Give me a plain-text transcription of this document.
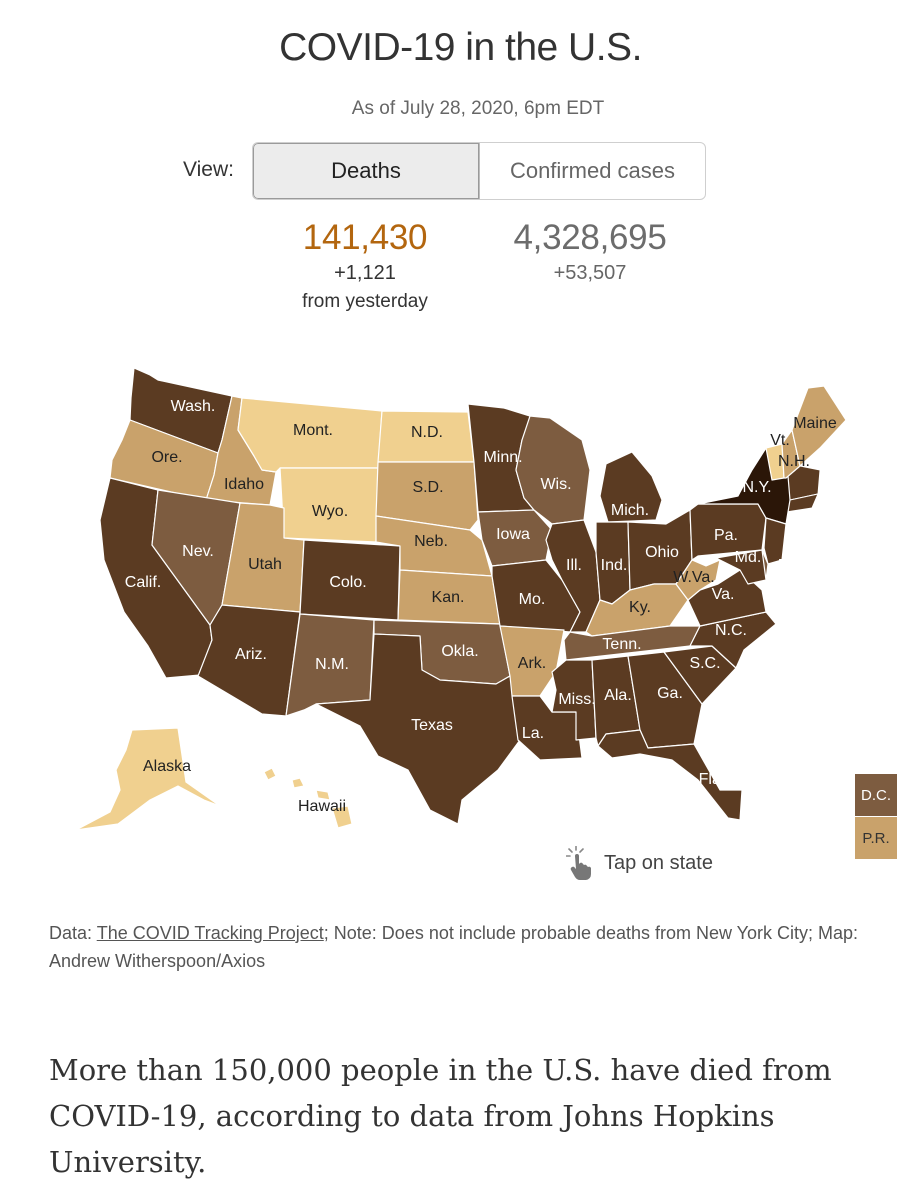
COVID-19 in the U.S.
As of July 28, 2020, 6pm EDT
View:	Deaths	Confirmed cases
141,430
+1,121
from yesterday
4,328,695
+53,507
Wash.
Ore.
Calif.
Idaho
Nev.
Mont.
Wyo.
Utah
Colo.
Ariz.
N.M.
N.D.
S.D.
Neb.
Kan.
Okla.
Texas
Minn.
Iowa
Mo.
Ark.
La.
Wis.
Ill.
Mich.
Ind.
Ohio
Ky.
Tenn.
Miss. Ala. Ga.
Fla.
S.C.
N.C.
Va.
W.Va.
Pa.
N.Y.
N.J.
Del.
Md.
Vt.
N.H.
Maine
Alaska
Hawaii
D.C.
P.R.
Tap on state
Data: The COVID Tracking Project; Note: Does not include probable deaths from New York City; Map: Andrew Witherspoon/Axios
More than 150,000 people in the U.S. have died from COVID-19, according to data from Johns Hopkins University.
